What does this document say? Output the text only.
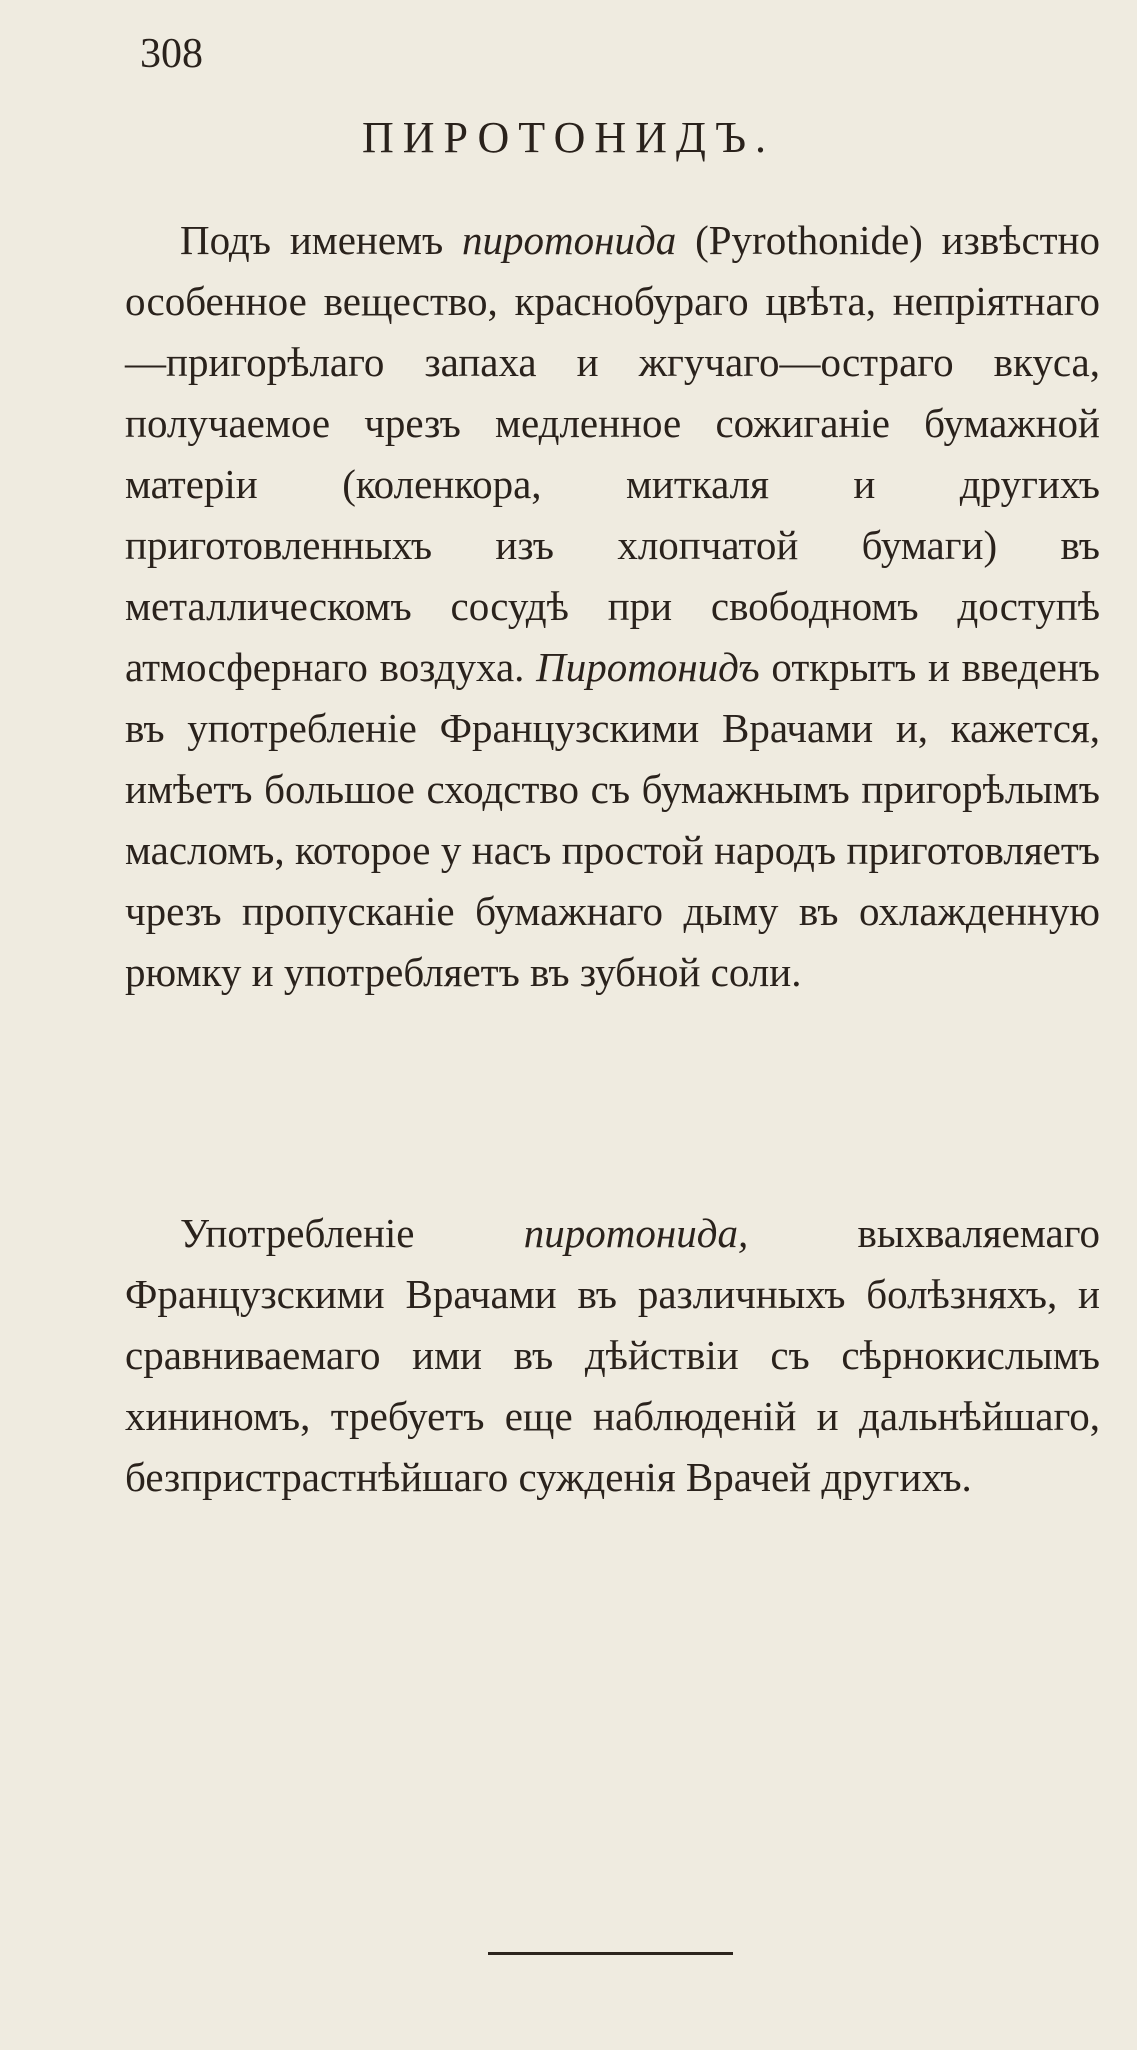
308
ПИРОТОНИДЪ.

Подъ именемъ пиротонида (Pyrothonide) извѣстно особенное вещество, краснобураго цвѣта, непріятнаго—пригорѣлаго запаха и жгучаго—остраго вкуса, получаемое чрезъ медленное сожиганіе бумажной матеріи (коленкора, миткаля и другихъ приготовленныхъ изъ хлопчатой бумаги) въ металлическомъ сосудѣ при свободномъ доступѣ атмосфернаго воздуха. Пиротонидъ открытъ и введенъ въ употребленіе Французскими Врачами и, кажется, имѣетъ большое сходство съ бумажнымъ пригорѣлымъ масломъ, которое у насъ простой народъ приготовляетъ чрезъ пропусканіе бумажнаго дыму въ охлажденную рюмку и употребляетъ въ зубной соли.

Употребленіе пиротонида, выхваляемаго Французскими Врачами въ различныхъ болѣзняхъ, и сравниваемаго ими въ дѣйствіи съ сѣрнокислымъ хининомъ, требуетъ еще наблюденій и дальнѣйшаго, безпристрастнѣйшаго сужденія Врачей другихъ.
